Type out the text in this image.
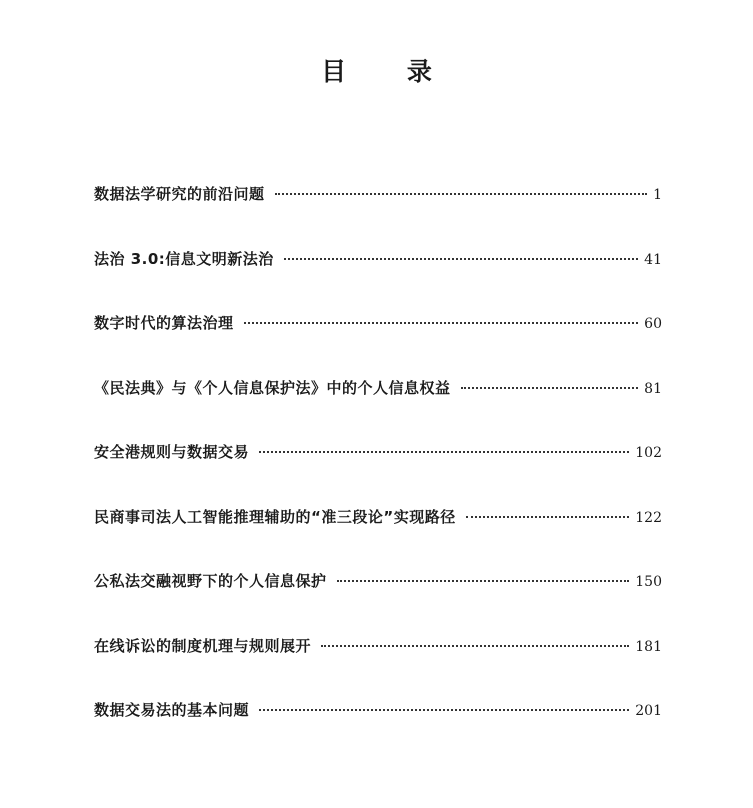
目 录
数据法学研究的前沿问题	1
法治 3.0:信息文明新法治	41
数字时代的算法治理	60
《民法典》与《个人信息保护法》中的个人信息权益	81
安全港规则与数据交易	102
民商事司法人工智能推理辅助的“准三段论”实现路径	122
公私法交融视野下的个人信息保护	150
在线诉讼的制度机理与规则展开	181
数据交易法的基本问题	201
